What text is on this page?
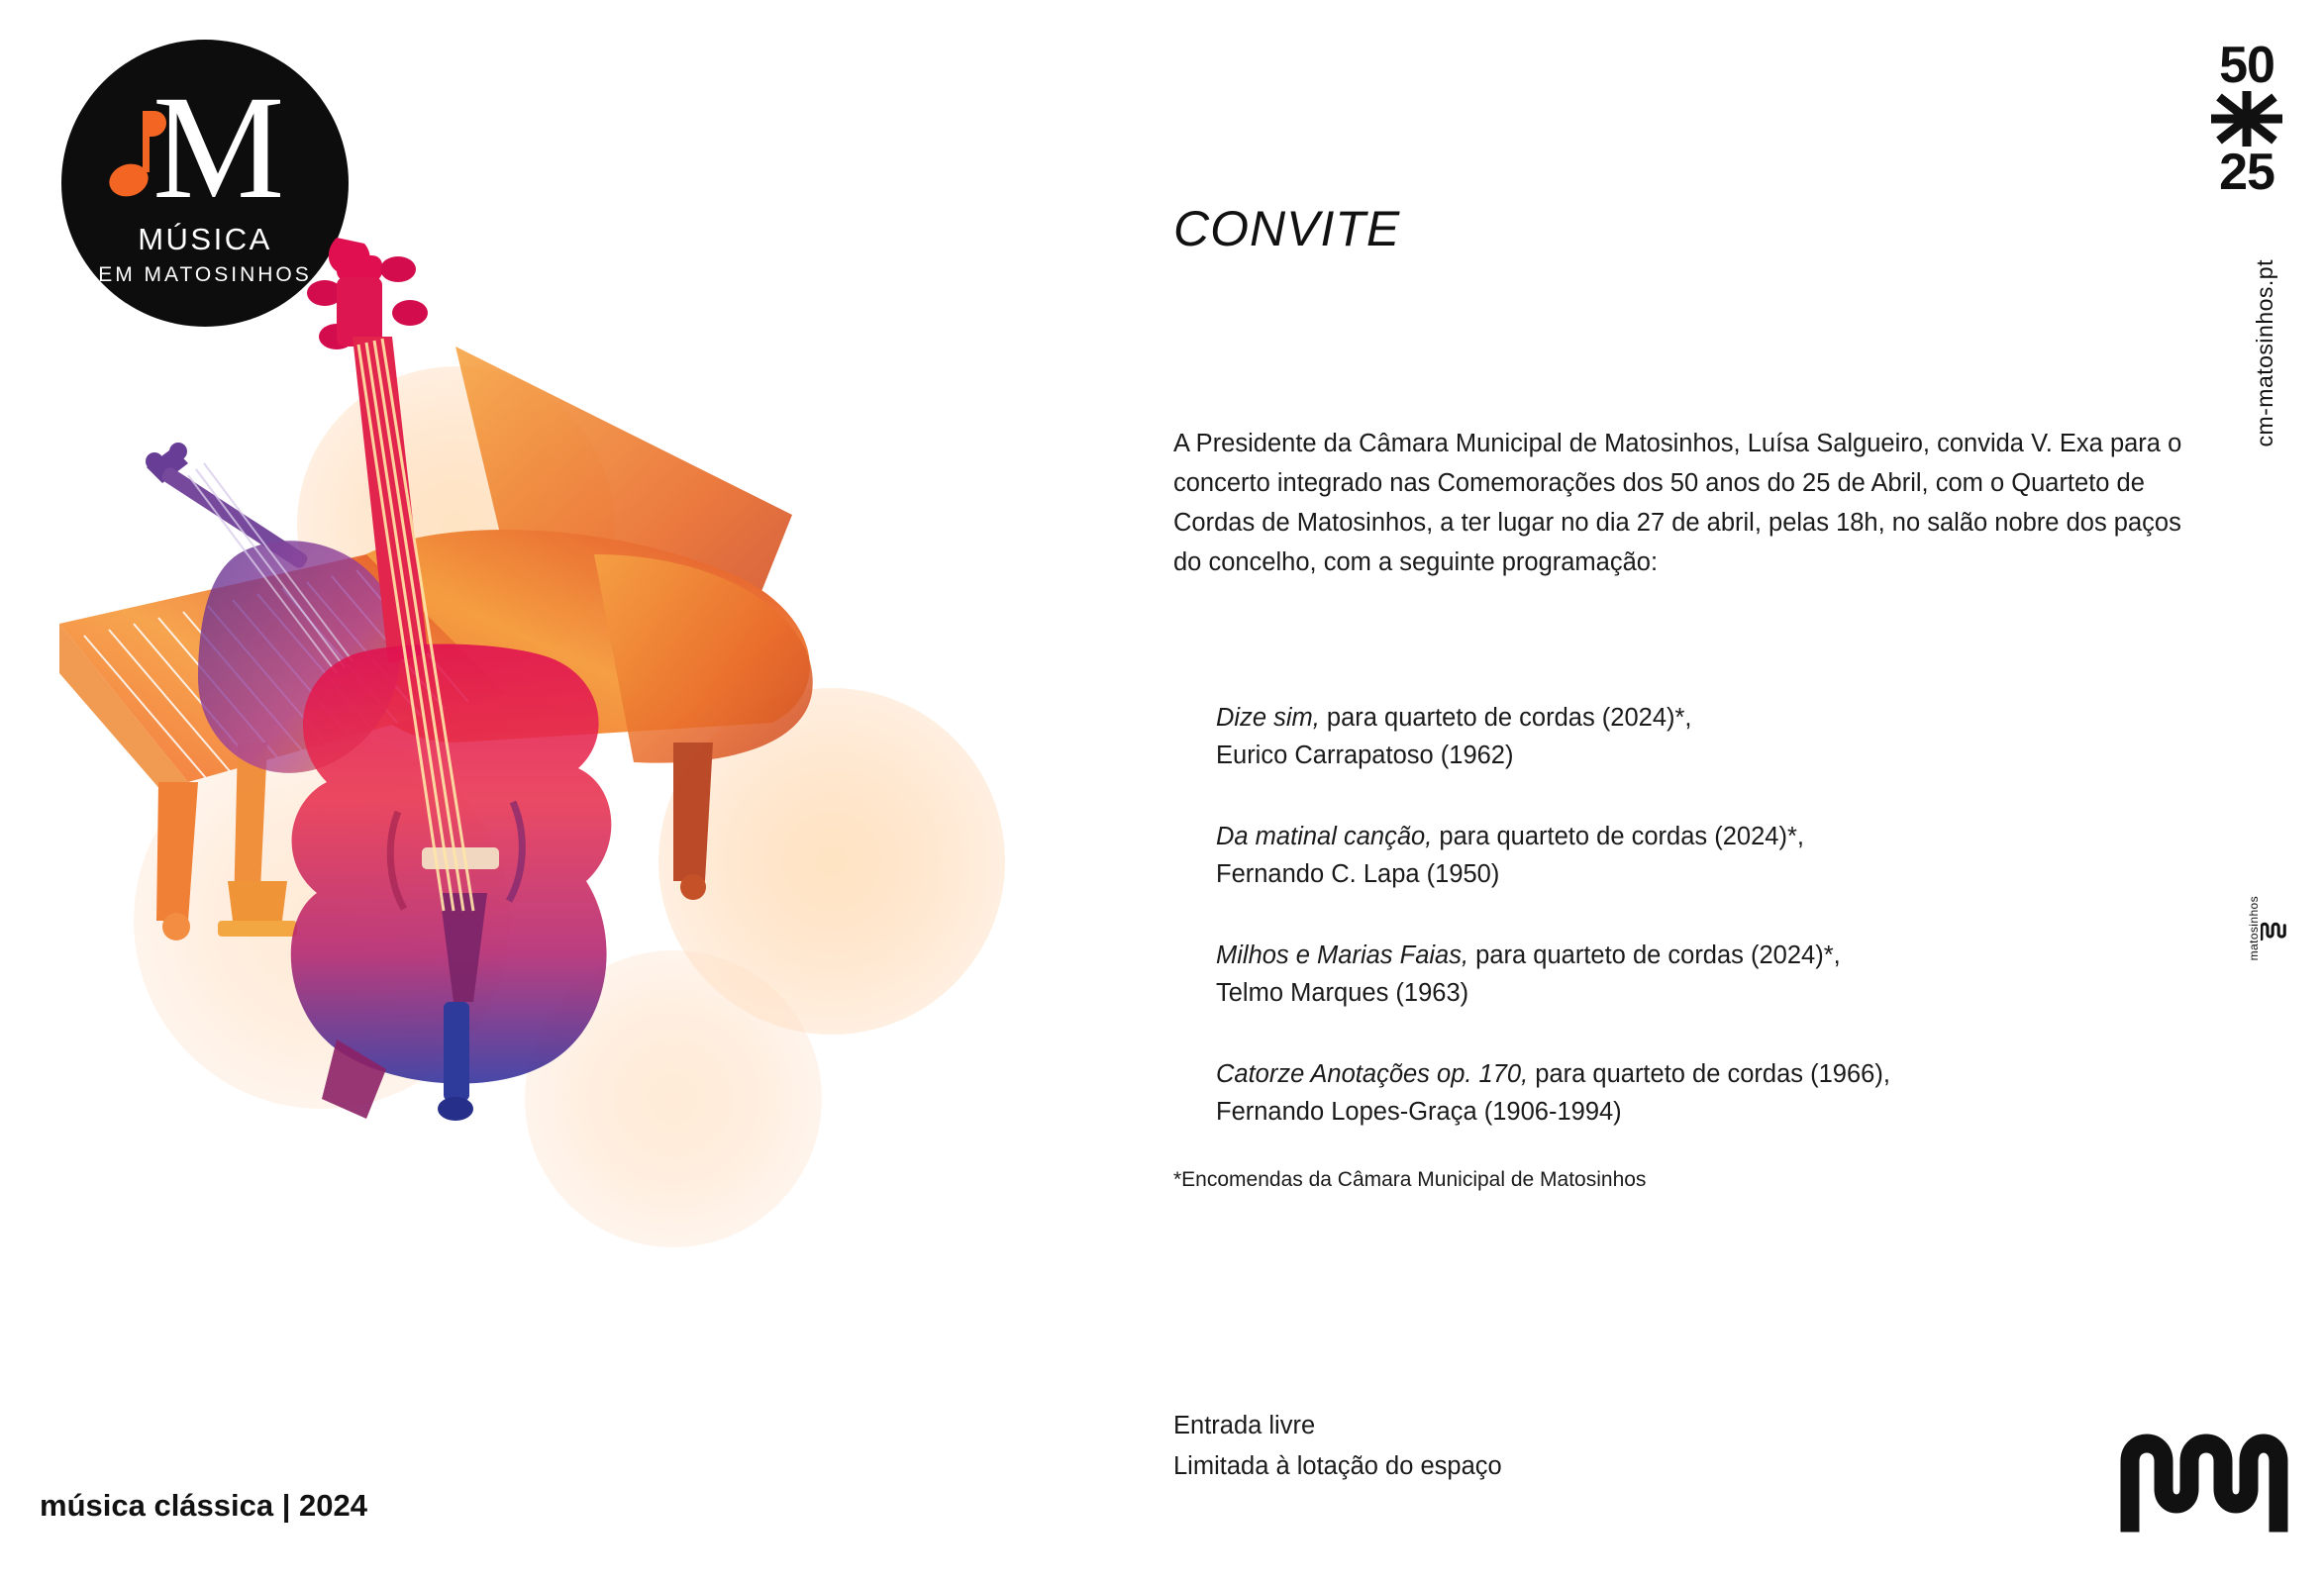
M
MÚSICA
EM MATOSINHOS
música clássica | 2024
50
25
cm-matosinhos.pt
matosinhos
CONVITE
A Presidente da Câmara Municipal de Matosinhos, Luísa Salgueiro, convida V. Exa para o concerto integrado nas Comemorações dos 50 anos do 25 de Abril, com o Quarteto de Cordas de Matosinhos, a ter lugar no dia 27 de abril, pelas 18h, no salão nobre dos paços do concelho, com a seguinte programação:
Dize sim, para quarteto de cordas (2024)*,
Eurico Carrapatoso (1962)
Da matinal canção, para quarteto de cordas (2024)*,
Fernando C. Lapa (1950)
Milhos e Marias Faias, para quarteto de cordas (2024)*,
Telmo Marques (1963)
Catorze Anotações op. 170, para quarteto de cordas (1966),
Fernando Lopes-Graça (1906-1994)
*Encomendas da Câmara Municipal de Matosinhos
Entrada livre
Limitada à lotação do espaço
